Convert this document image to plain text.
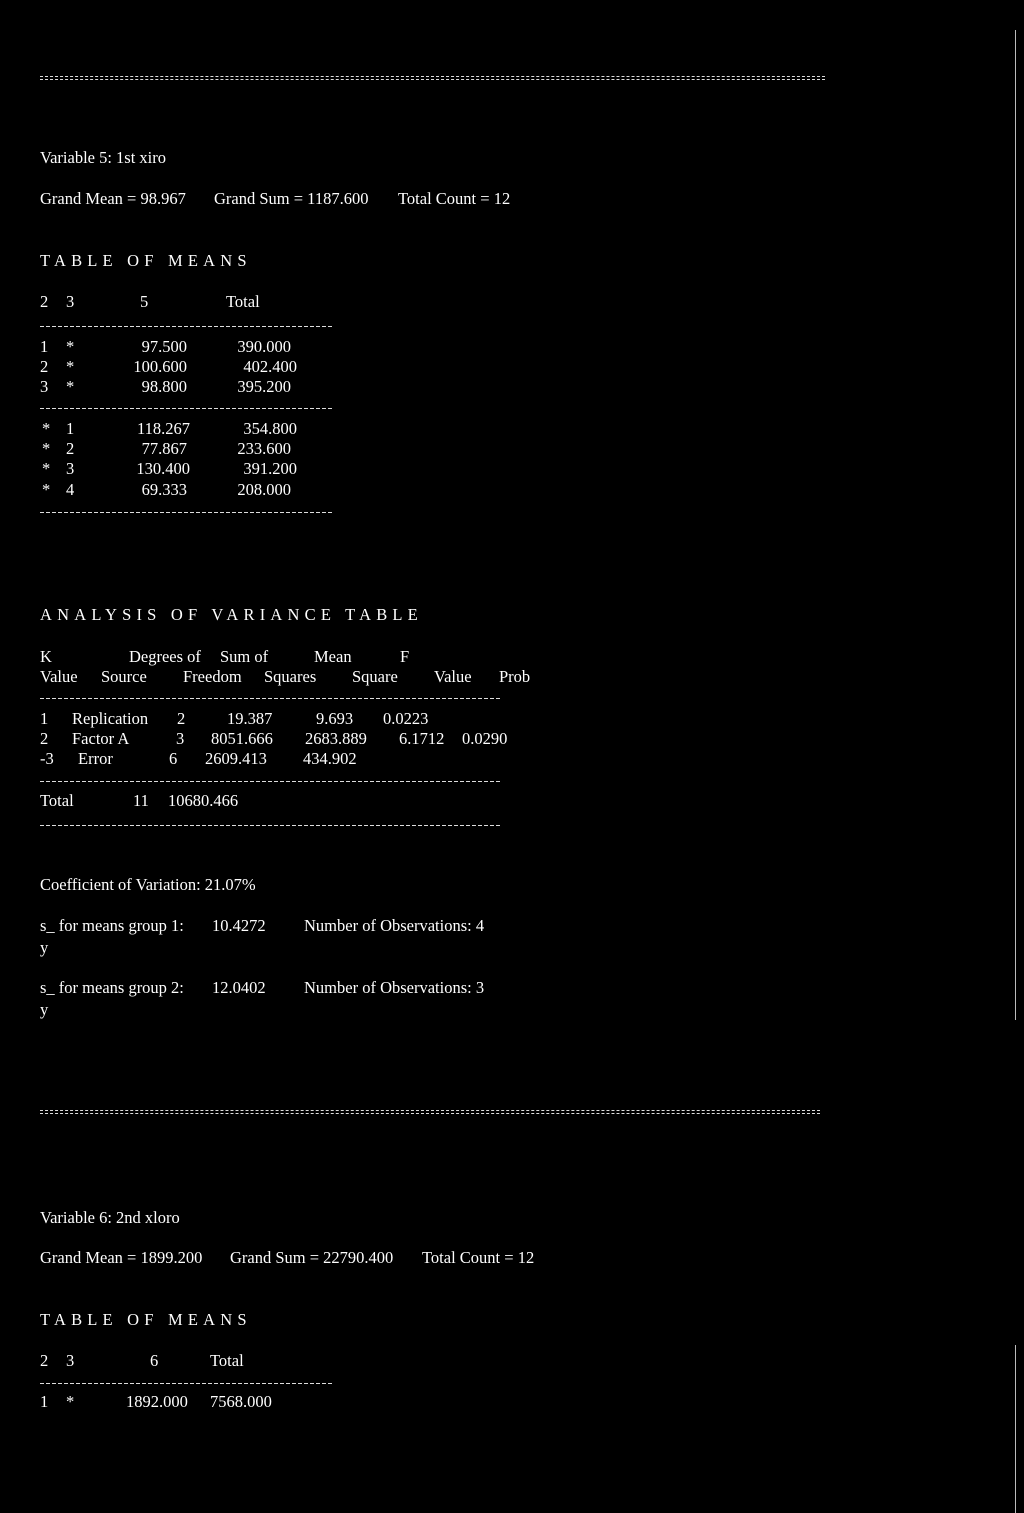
Variable 5: 1st xiro
Grand Mean = 98.967 Grand Sum = 1187.600 Total Count = 12
TABLE OF MEANS
2 3	5	Total
1 *	97.500	390.000
2 *	100.600	402.400
3 *	98.800	395.200
* 1	118.267	354.800
* 2	77.867	233.600
* 3	130.400	391.200
* 4	69.333	208.000
ANALYSIS OF VARIANCE TABLE
K	Degrees of Sum of	Mean	F
Value Source Freedom Squares Square Value Prob
1 Replication 2	19.387	9.693 0.0223
2 Factor A	3 8051.666 2683.889 6.1712 0.0290
-3 Error	6 2609.413 434.902
Total	11 10680.466
Coefficient of Variation: 21.07%
s_ for means group 1: 10.4272 Number of Observations: 4
y
s_ for means group 2: 12.0402 Number of Observations: 3
y
Variable 6: 2nd xloro
Grand Mean = 1899.200 Grand Sum = 22790.400 Total Count = 12
TABLE OF MEANS
2 3	6	Total
1 *	1892.000 7568.000
